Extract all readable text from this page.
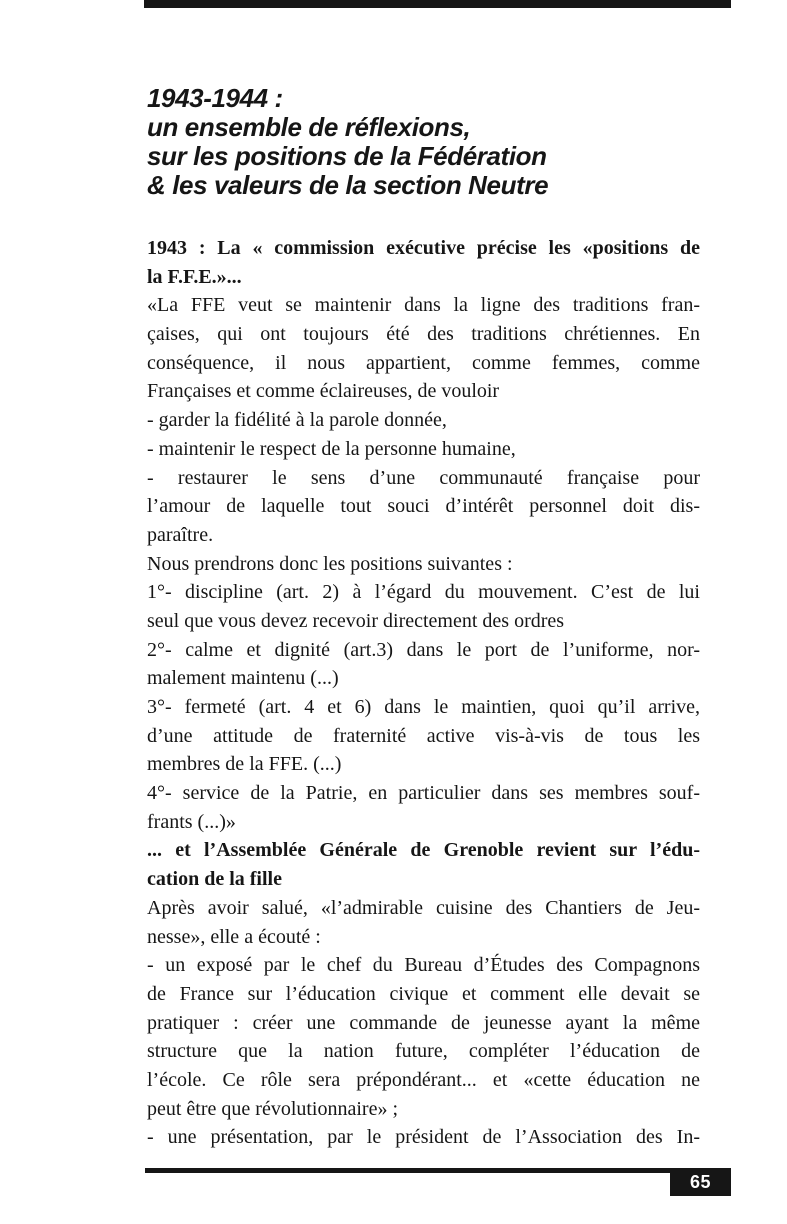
1943-1944 :
un ensemble de réflexions,
sur les positions de la Fédération
& les valeurs de la section Neutre
1943 : La « commission exécutive précise les «positions de
la F.F.E.»...
«La FFE veut se maintenir dans la ligne des traditions fran-
çaises, qui ont toujours été des traditions chrétiennes. En
conséquence, il nous appartient, comme femmes, comme
Françaises et comme éclaireuses, de vouloir
- garder la fidélité à la parole donnée,
- maintenir le respect de la personne humaine,
- restaurer le sens d’une communauté française pour
l’amour de laquelle tout souci d’intérêt personnel doit dis-
paraître.
Nous prendrons donc les positions suivantes :
1°- discipline (art. 2) à l’égard du mouvement. C’est de lui
seul que vous devez recevoir directement des ordres
2°- calme et dignité (art.3) dans le port de l’uniforme, nor-
malement maintenu (...)
3°- fermeté (art. 4 et 6) dans le maintien, quoi qu’il arrive,
d’une attitude de fraternité active vis-à-vis de tous les
membres de la FFE. (...)
4°- service de la Patrie, en particulier dans ses membres souf-
frants (...)»
... et l’Assemblée Générale de Grenoble revient sur l’édu-
cation de la fille
Après avoir salué, «l’admirable cuisine des Chantiers de Jeu-
nesse», elle a écouté :
- un exposé par le chef du Bureau d’Études des Compagnons
de France sur l’éducation civique et comment elle devait se
pratiquer : créer une commande de jeunesse ayant la même
structure que la nation future, compléter l’éducation de
l’école. Ce rôle sera prépondérant... et «cette éducation ne
peut être que révolutionnaire» ;
- une présentation, par le président de l’Association des In-
65
